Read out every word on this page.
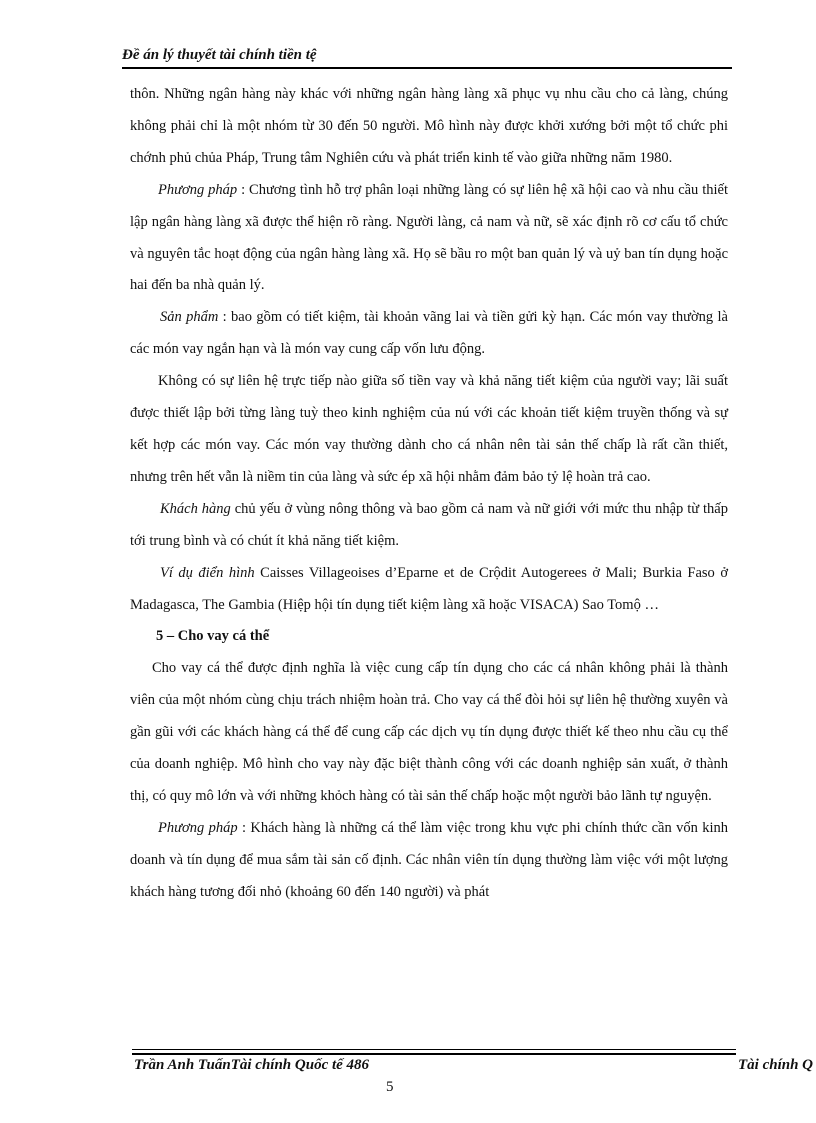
Đề án lý thuyết tài chính tiền tệ

thôn. Những ngân hàng này khác với những ngân hàng làng xã phục vụ nhu cầu cho cả làng, chúng không phải chỉ là một nhóm từ 30 đến 50 người. Mô hình này được khởi xướng bởi một tổ chức phi chớnh phủ chủa Pháp, Trung tâm Nghiên cứu và phát triển kinh tế vào giữa những năm 1980.

Phương pháp : Chương tình hỗ trợ phân loại những làng có sự liên hệ xã hội cao và nhu cầu thiết lập ngân hàng làng xã được thể hiện rõ ràng. Người làng, cả nam và nữ, sẽ xác định rõ cơ cấu tổ chức và nguyên tắc hoạt động của ngân hàng làng xã. Họ sẽ bầu ro một ban quản lý và uỷ ban tín dụng hoặc hai đến ba nhà quản lý.

Sản phẩm : bao gồm có tiết kiệm, tài khoản vãng lai và tiền gửi kỳ hạn. Các món vay thường là các món vay ngắn hạn và là món vay cung cấp vốn lưu động.

Không có sự liên hệ trực tiếp nào giữa số tiền vay và khả năng tiết kiệm của người vay; lãi suất được thiết lập bởi từng làng tuỳ theo kinh nghiệm của nú với các khoản tiết kiệm truyền thống và sự kết hợp các món vay. Các món vay thường dành cho cá nhân nên tài sản thế chấp là rất cần thiết, nhưng trên hết vẫn là niềm tin của làng và sức ép xã hội nhằm đảm bảo tỷ lệ hoàn trả cao.

Khách hàng chủ yếu ở vùng nông thông và bao gồm cả nam và nữ giới với mức thu nhập từ thấp tới trung bình và có chút ít khả năng tiết kiệm.

Ví dụ điển hình Caisses Villageoises d’Eparne et de Crộdit Autogerees ở Mali; Burkia Faso ở Madagasca, The Gambia (Hiệp hội tín dụng tiết kiệm làng xã hoặc VISACA) Sao Tomộ …

5 – Cho vay cá thể

Cho vay cá thể được định nghĩa là việc cung cấp tín dụng cho các cá nhân không phải là thành viên của một nhóm cùng chịu trách nhiệm hoàn trả. Cho vay cá thể đòi hỏi sự liên hệ thường xuyên và gần gũi với các khách hàng cá thể để cung cấp các dịch vụ tín dụng được thiết kế theo nhu cầu cụ thể của doanh nghiệp. Mô hình cho vay này đặc biệt thành công với các doanh nghiệp sản xuất, ở thành thị, có quy mô lớn và với những khỏch hàng có tài sản thế chấp hoặc một người bảo lãnh tự nguyện.

Phương pháp : Khách hàng là những cá thể làm việc trong khu vực phi chính thức cần vốn kinh doanh và tín dụng để mua sắm tài sản cố định. Các nhân viên tín dụng thường làm việc với một lượng khách hàng tương đối nhỏ (khoảng 60 đến 140 người) và phát

Trần Anh TuấnTài chính Quốc tế 486	Tài chính Q
5
